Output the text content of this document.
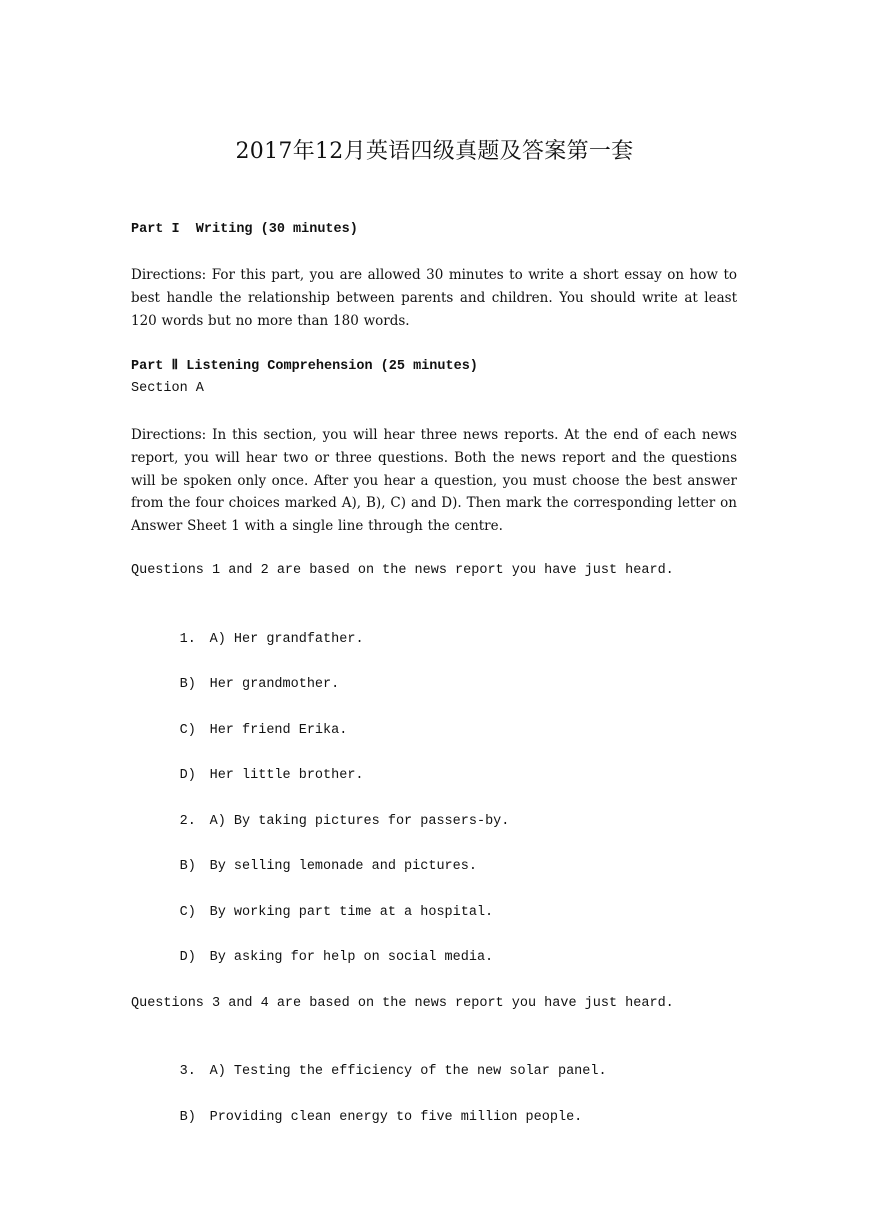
2017年12月英语四级真题及答案第一套
Part I  Writing (30 minutes)
Directions: For this part, you are allowed 30 minutes to write a short essay on how to best handle the relationship between parents and children. You should write at least 120 words but no more than 180 words.
Part Ⅱ Listening Comprehension (25 minutes)
Section A
Directions: In this section, you will hear three news reports. At the end of each news report, you will hear two or three questions. Both the news report and the questions will be spoken only once. After you hear a question, you must choose the best answer from the four choices marked A), B), C) and D). Then mark the corresponding letter on Answer Sheet 1 with a single line through the centre.
Questions 1 and 2 are based on the news report you have just heard.

1. A) Her grandfather.

B) Her grandmother.

C) Her friend Erika.

D) Her little brother.

2. A) By taking pictures for passers-by.

B) By selling lemonade and pictures.

C) By working part time at a hospital.

D) By asking for help on social media.

Questions 3 and 4 are based on the news report you have just heard.

3. A) Testing the efficiency of the new solar panel.

B) Providing clean energy to five million people.
